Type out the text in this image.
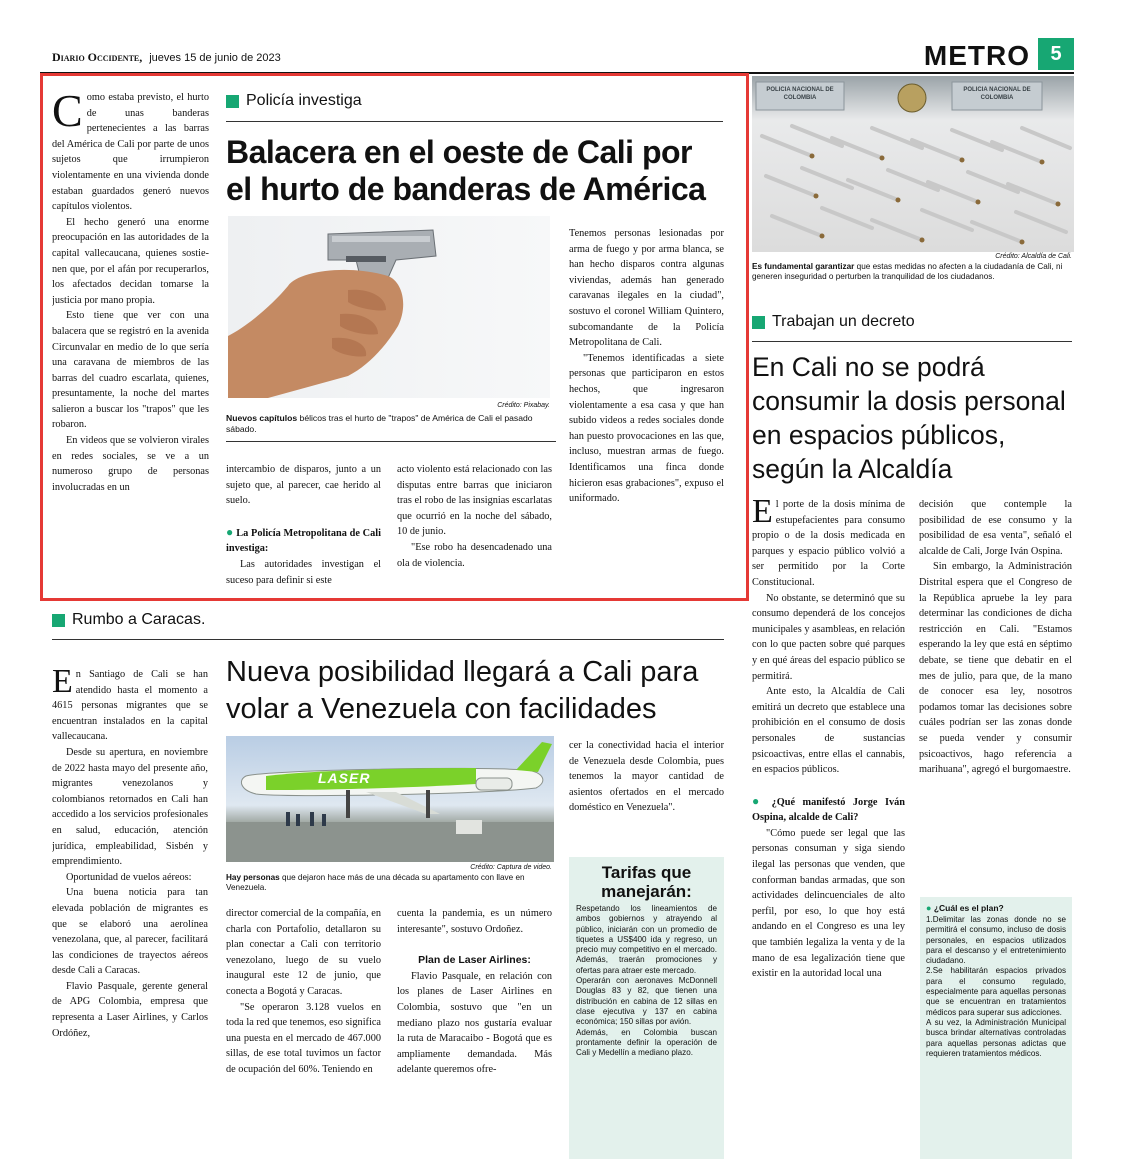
Diario Occidente, jueves 15 de junio de 2023	METRO	5
C omo estaba previsto, el hurto de unas banderas pertenecientes a las barras del América de Cali por parte de unos sujetos que irrumpieron violentamente en una vivienda donde estaban guardados generó nuevos capítulos violentos.

El hecho generó una enorme preocupación en las autoridades de la capital vallecaucana, quienes sostie-nen que, por el afán por recuperarlos, los afectados decidan tomarse la justicia por mano propia.

Esto tiene que ver con una balacera que se registró en la avenida Circunvalar en medio de lo que sería una caravana de miembros de las barras del cuadro escarlata, quienes, presuntamente, la noche del martes salieron a buscar los "trapos" que les robaron.

En videos que se volvieron virales en redes sociales, se ve a un numeroso grupo de personas involucradas en un

Policía investiga
Balacera en el oeste de Cali por el hurto de banderas de América
Crédito: Pixabay.
Nuevos capítulos bélicos tras el hurto de "trapos" de América de Cali el pasado sábado.

Tenemos personas lesionadas por arma de fuego y por arma blanca, se han hecho disparos contra algunas viviendas, además han generado caravanas ilegales en la ciudad", sostuvo el coronel William Quintero, subcomandante de la Policía Metropolitana de Cali.

"Tenemos identificadas a siete personas que participaron en estos hechos, que ingresaron violentamente a esa casa y que han subido videos a redes sociales donde han puesto provocaciones en las que, incluso, muestran armas de fuego. Identificamos una finca donde hicieron esas grabaciones", expuso el uniformado.

intercambio de disparos, junto a un sujeto que, al parecer, cae herido al suelo.

● La Policía Metropolitana de Cali investiga:

Las autoridades investigan el suceso para definir si este

acto violento está relacionado con las disputas entre barras que iniciaron tras el robo de las insignias escarlatas que ocurrió en la noche del sábado, 10 de junio.

"Ese robo ha desencadenado una ola de violencia.

POLICIA NACIONAL DE COLOMBIA
POLICIA NACIONAL DE COLOMBIA
Crédito: Alcaldía de Cali.
Es fundamental garantizar que estas medidas no afecten a la ciudadanía de Cali, ni generen inseguridad o perturben la tranquilidad de los ciudadanos.
Trabajan un decreto
En Cali no se podrá consumir la dosis personal en espacios públicos, según la Alcaldía
E l porte de la dosis mínima de estupefacientes para consumo propio o de la dosis medicada en parques y espacio público volvió a ser permitido por la Corte Constitucional.

No obstante, se determinó que su consumo dependerá de los concejos municipales y asambleas, en relación con lo que pacten sobre qué parques y en qué áreas del espacio público se permitirá.

Ante esto, la Alcaldía de Cali emitirá un decreto que establece una prohibición en el consumo de dosis personales de sustancias psicoactivas, entre ellas el cannabis, en espacios públicos.

● ¿Qué manifestó Jorge Iván Ospina, alcalde de Cali?

"Cómo puede ser legal que las personas consuman y siga siendo ilegal las personas que venden, que conforman bandas armadas, que son actividades delincuenciales de alto perfil, por eso, lo que hoy está andando en el Congreso es una ley que también legaliza la venta y de la mano de esa legalización tiene que existir en la autoridad local una

decisión que contemple la posibilidad de ese consumo y la posibilidad de esa venta", señaló el alcalde de Cali, Jorge Iván Ospina.

Sin embargo, la Administración Distrital espera que el Congreso de la República apruebe la ley para determinar las condiciones de dicha restricción en Cali. "Estamos esperando la ley que está en séptimo debate, se tiene que debatir en el mes de julio, para que, de la mano de conocer esa ley, nosotros podamos tomar las decisiones sobre cuáles podrían ser las zonas donde se pueda vender y consumir psicoactivos, hago referencia a marihuana", agregó el burgomaestre.

● ¿Cuál es el plan?
1.Delimitar las zonas donde no se permitirá el consumo, incluso de dosis personales, en espacios utilizados para el descanso y el entretenimiento ciudadano.
2.Se habilitarán espacios privados para el consumo regulado, especialmente para aquellas personas que se encuentran en tratamientos médicos para superar sus adicciones.
A su vez, la Administración Municipal busca brindar alternativas controladas para aquellas personas adictas que requieren tratamientos médicos.
Rumbo a Caracas.
Nueva posibilidad llegará a Cali para volar a Venezuela con facilidades
E n Santiago de Cali se han atendido hasta el momento a 4615 personas migrantes que se encuentran instalados en la capital vallecaucana.

Desde su apertura, en noviembre de 2022 hasta mayo del presente año, migrantes venezolanos y colombianos retornados en Cali han accedido a los servicios profesionales en salud, educación, atención jurídica, empleabilidad, Sisbén y emprendimiento.

Oportunidad de vuelos aéreos:

Una buena noticia para tan elevada población de migrantes es que se elaboró una aerolínea venezolana, que, al parecer, facilitará las condiciones de trayectos aéreos desde Cali a Caracas.

Flavio Pasquale, gerente general de APG Colombia, empresa que representa a Laser Airlines, y Carlos Ordóñez,

LASER
Crédito: Captura de video.
Hay personas que dejaron hace más de una década su apartamento con llave en Venezuela.

cer la conectividad hacia el interior de Venezuela desde Colombia, pues tenemos la mayor cantidad de asientos ofertados en el mercado doméstico en Venezuela".

Tarifas que manejarán:
Respetando los lineamientos de ambos gobiernos y atrayendo al público, iniciarán con un promedio de tiquetes a US$400 ida y regreso, un precio muy competitivo en el mercado. Además, traerán promociones y ofertas para atraer este mercado.
Operarán con aeronaves McDonnell Douglas 83 y 82, que tienen una distribución en cabina de 12 sillas en clase ejecutiva y 137 en cabina económica; 150 sillas por avión.
Además, en Colombia buscan prontamente definir la operación de Cali y Medellín a mediano plazo.

director comercial de la compañía, en charla con Portafolio, detallaron su plan conectar a Cali con territorio venezolano, luego de su vuelo inaugural este 12 de junio, que conecta a Bogotá y Caracas.

"Se operaron 3.128 vuelos en toda la red que tenemos, eso significa una puesta en el mercado de 467.000 sillas, de ese total tuvimos un factor de ocupación del 60%. Teniendo en

cuenta la pandemia, es un número interesante", sostuvo Ordoñez.

Plan de Laser Airlines:

Flavio Pasquale, en relación con los planes de Laser Airlines en Colombia, sostuvo que "en un mediano plazo nos gustaría evaluar la ruta de Maracaibo - Bogotá que es ampliamente demandada. Más adelante queremos ofre-
